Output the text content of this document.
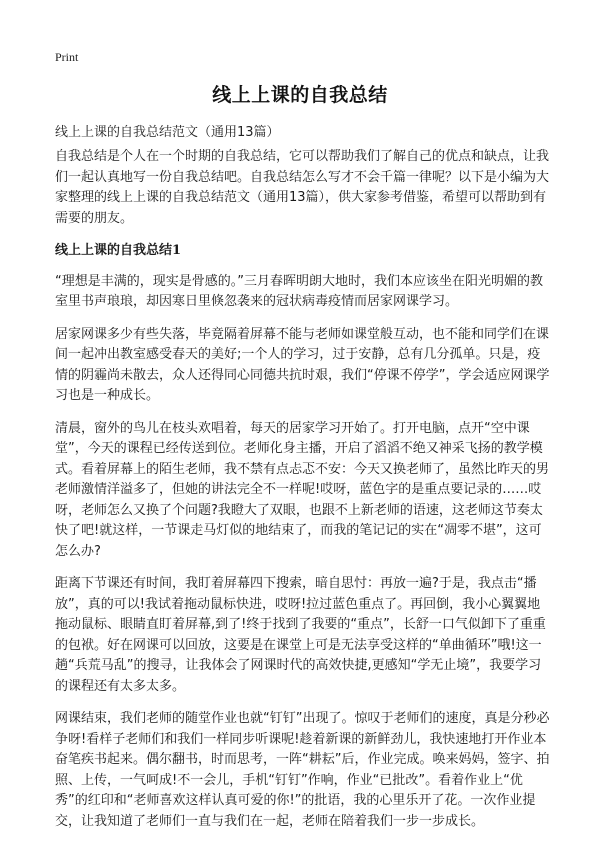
Print
线上上课的自我总结
线上上课的自我总结范文（通用13篇）

自我总结是个人在一个时期的自我总结，它可以帮助我们了解自己的优点和缺点，让我们一起认真地写一份自我总结吧。自我总结怎么写才不会千篇一律呢？以下是小编为大家整理的线上上课的自我总结范文（通用13篇），供大家参考借鉴，希望可以帮助到有需要的朋友。

线上上课的自我总结1

“理想是丰满的，现实是骨感的。”三月春晖明朗大地时，我们本应该坐在阳光明媚的教室里书声琅琅，却因寒日里倏忽袭来的冠状病毒疫情而居家网课学习。

居家网课多少有些失落，毕竟隔着屏幕不能与老师如课堂般互动，也不能和同学们在课间一起冲出教室感受春天的美好;一个人的学习，过于安静，总有几分孤单。只是，疫情的阴霾尚未散去，众人还得同心同德共抗时艰，我们“停课不停学”，学会适应网课学习也是一种成长。

清晨，窗外的鸟儿在枝头欢唱着，每天的居家学习开始了。打开电脑，点开“空中课堂”，今天的课程已经传送到位。老师化身主播，开启了滔滔不绝又神采飞扬的教学模式。看着屏幕上的陌生老师，我不禁有点忐忑不安：今天又换老师了，虽然比昨天的男老师激情洋溢多了，但她的讲法完全不一样呢!哎呀，蓝色字的是重点要记录的……哎呀，老师怎么又换了个问题?我瞪大了双眼，也跟不上新老师的语速，这老师这节奏太快了吧!就这样，一节课走马灯似的地结束了，而我的笔记记的实在“凋零不堪”，这可怎么办?

距离下节课还有时间，我盯着屏幕四下搜索，暗自思忖：再放一遍?于是，我点击“播放”，真的可以!我试着拖动鼠标快进，哎呀!拉过蓝色重点了。再回倒，我小心翼翼地拖动鼠标、眼睛直盯着屏幕,到了!终于找到了我要的“重点”，长舒一口气似卸下了重重的包袱。好在网课可以回放，这要是在课堂上可是无法享受这样的“单曲循环”哦!这一趟“兵荒马乱”的搜寻，让我体会了网课时代的高效快捷,更感知“学无止境”，我要学习的课程还有太多太多。

网课结束，我们老师的随堂作业也就“钉钉”出现了。惊叹于老师们的速度，真是分秒必争呀!看样子老师们和我们一样同步听课呢!趁着新课的新鲜劲儿，我快速地打开作业本奋笔疾书起来。偶尔翻书，时而思考，一阵“耕耘”后，作业完成。唤来妈妈，签字、拍照、上传，一气呵成!不一会儿，手机“钉钉”作响，作业“已批改”。看着作业上“优秀”的红印和“老师喜欢这样认真可爱的你!”的批语，我的心里乐开了花。一次作业提交，让我知道了老师们一直与我们在一起，老师在陪着我们一步一步成长。
